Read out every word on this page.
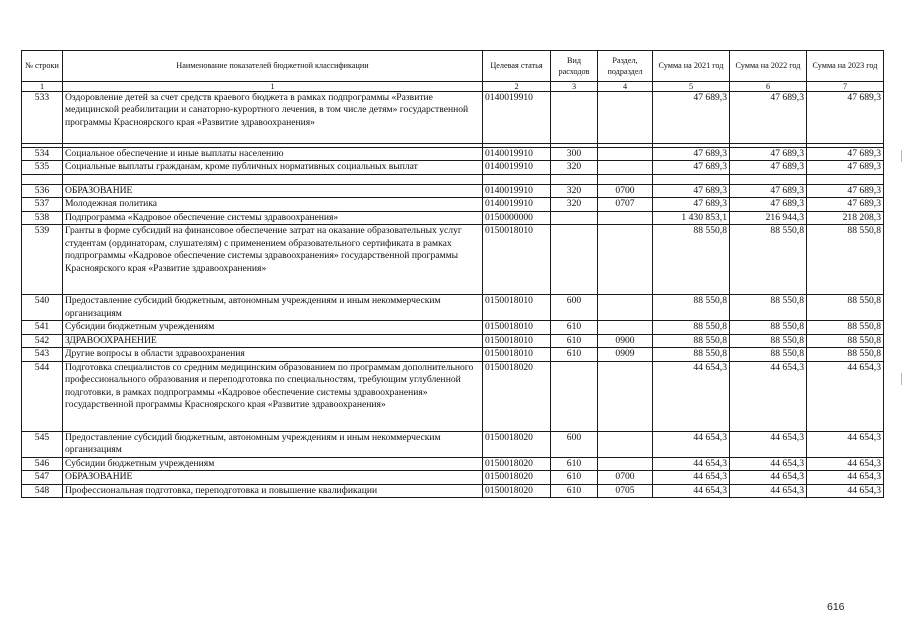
№ строки	Наименование показателей бюджетной классификации	Целевая статья	Вид расходов	Раздел, подраздел	Сумма на 2021 год	Сумма на 2022 год	Сумма на 2023 год
1	1	2	3	4	5	6	7
533	Оздоровление детей за счет средств краевого бюджета в рамках подпрограммы «Развитие медицинской реабилитации и санаторно-курортного лечения, в том числе детям» государственной программы Красноярского края «Развитие здравоохранения»	0140019910			47 689,3	47 689,3	47 689,3

534	Социальное обеспечение и иные выплаты населению	0140019910	300		47 689,3	47 689,3	47 689,3
535	Социальные выплаты гражданам, кроме публичных нормативных социальных выплат	0140019910	320		47 689,3	47 689,3	47 689,3

536	ОБРАЗОВАНИЕ	0140019910	320	0700	47 689,3	47 689,3	47 689,3
537	Молодежная политика	0140019910	320	0707	47 689,3	47 689,3	47 689,3
538	Подпрограмма «Кадровое обеспечение системы здравоохранения»	0150000000			1 430 853,1	216 944,3	218 208,3
539	Гранты в форме субсидий на финансовое обеспечение затрат на оказание образовательных услуг студентам (ординаторам, слушателям) с применением образовательного сертификата в рамках подпрограммы «Кадровое обеспечение системы здравоохранения» государственной программы Красноярского края «Развитие здравоохранения»	0150018010			88 550,8	88 550,8	88 550,8
540	Предоставление субсидий бюджетным, автономным учреждениям и иным некоммерческим организациям	0150018010	600		88 550,8	88 550,8	88 550,8
541	Субсидии бюджетным учреждениям	0150018010	610		88 550,8	88 550,8	88 550,8
542	ЗДРАВООХРАНЕНИЕ	0150018010	610	0900	88 550,8	88 550,8	88 550,8
543	Другие вопросы в области здравоохранения	0150018010	610	0909	88 550,8	88 550,8	88 550,8
544	Подготовка специалистов со средним медицинским образованием по программам дополнительного профессионального образования и переподготовка по специальностям, требующим углубленной подготовки, в рамках подпрограммы «Кадровое обеспечение системы здравоохранения» государственной программы Красноярского края «Развитие здравоохранения»	0150018020			44 654,3	44 654,3	44 654,3
545	Предоставление субсидий бюджетным, автономным учреждениям и иным некоммерческим организациям	0150018020	600		44 654,3	44 654,3	44 654,3
546	Субсидии бюджетным учреждениям	0150018020	610		44 654,3	44 654,3	44 654,3
547	ОБРАЗОВАНИЕ	0150018020	610	0700	44 654,3	44 654,3	44 654,3
548	Профессиональная подготовка, переподготовка и повышение квалификации	0150018020	610	0705	44 654,3	44 654,3	44 654,3
616
